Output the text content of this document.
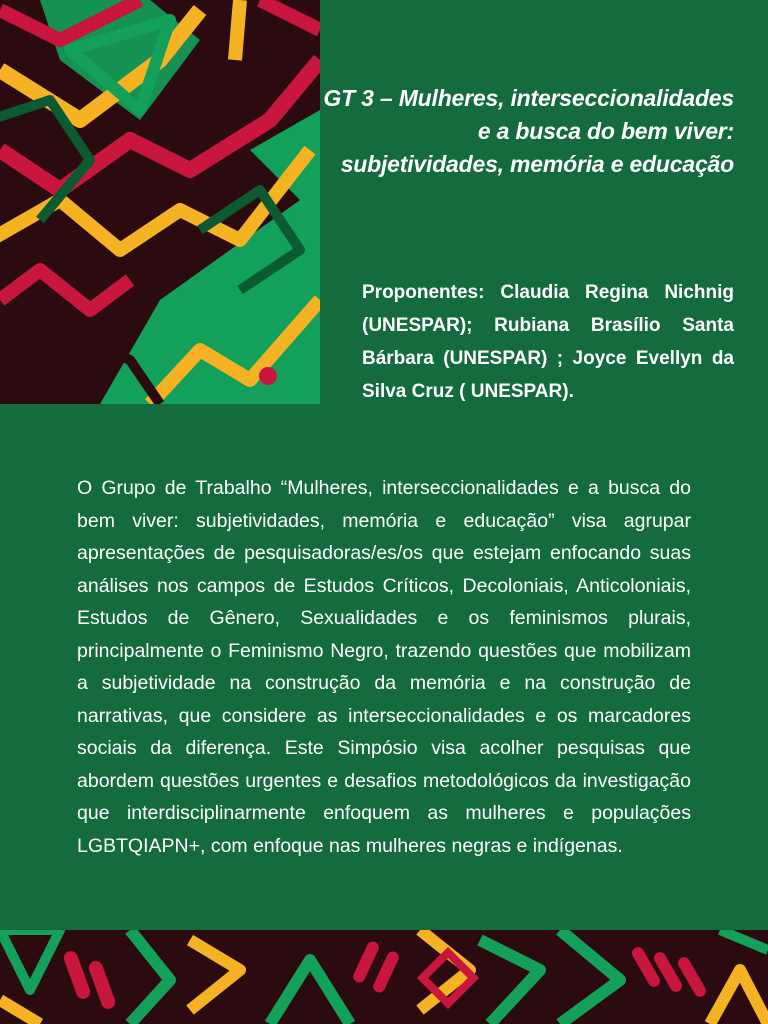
GT 3 – Mulheres, interseccionalidades e a busca do bem viver: subjetividades, memória e educação
Proponentes: Claudia Regina Nichnig (UNESPAR); Rubiana Brasílio Santa Bárbara (UNESPAR) ; Joyce Evellyn da Silva Cruz ( UNESPAR).
O Grupo de Trabalho “Mulheres, interseccionalidades e a busca do bem viver: subjetividades, memória e educação” visa agrupar apresentações de pesquisadoras/es/os que estejam enfocando suas análises nos campos de Estudos Críticos, Decoloniais, Anticoloniais, Estudos de Gênero, Sexualidades e os feminismos plurais, principalmente o Feminismo Negro, trazendo questões que mobilizam a subjetividade na construção da memória e na construção de narrativas, que considere as interseccionalidades e os marcadores sociais da diferença. Este Simpósio visa acolher pesquisas que abordem questões urgentes e desafios metodológicos da investigação que interdisciplinarmente enfoquem as mulheres e populações LGBTQIAPN+, com enfoque nas mulheres negras e indígenas.
